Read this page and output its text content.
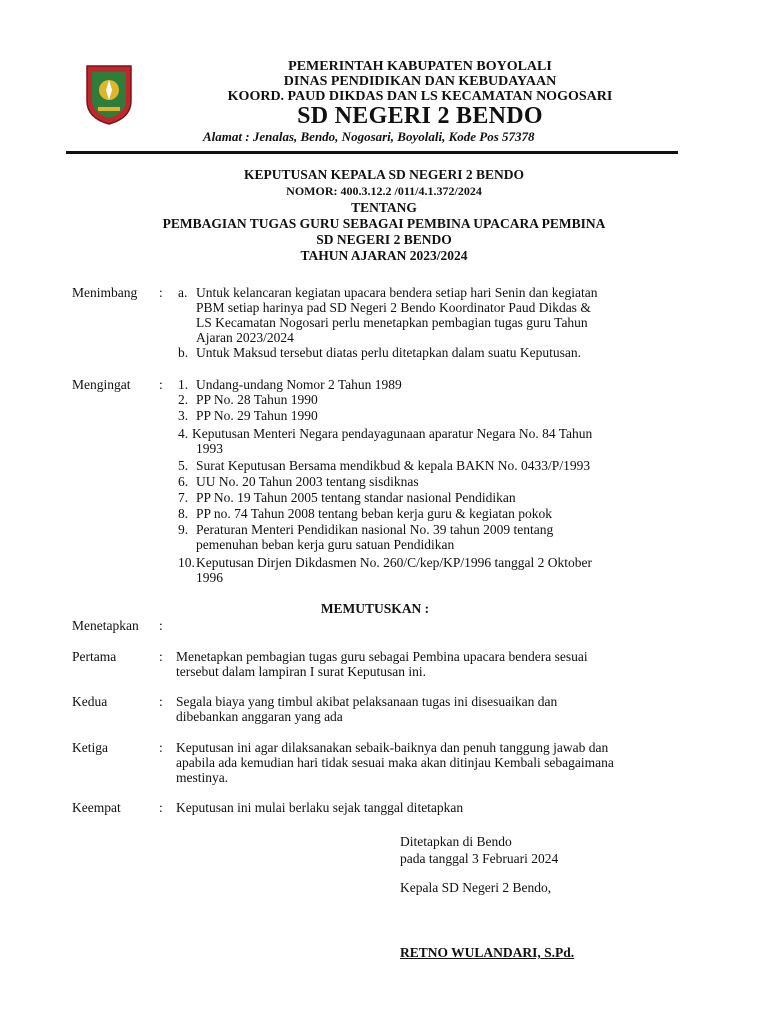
PEMERINTAH KABUPATEN BOYOLALI
DINAS PENDIDIKAN DAN KEBUDAYAAN
KOORD. PAUD DIKDAS DAN LS KECAMATAN NOGOSARI
SD NEGERI 2 BENDO
Alamat : Jenalas, Bendo, Nogosari, Boyolali, Kode Pos 57378
KEPUTUSAN KEPALA SD NEGERI 2 BENDO
NOMOR: 400.3.12.2 /011/4.1.372/2024
TENTANG
PEMBAGIAN TUGAS GURU SEBAGAI PEMBINA UPACARA PEMBINA
SD NEGERI 2 BENDO
TAHUN AJARAN 2023/2024
Menimbang : a. Untuk kelancaran kegiatan upacara bendera setiap hari Senin dan kegiatan
PBM setiap harinya pad SD Negeri 2 Bendo Koordinator Paud Dikdas &
LS Kecamatan Nogosari perlu menetapkan pembagian tugas guru Tahun
Ajaran 2023/2024
b. Untuk Maksud tersebut diatas perlu ditetapkan dalam suatu Keputusan.
Mengingat : 1. Undang-undang Nomor 2 Tahun 1989
2. PP No. 28 Tahun 1990
3. PP No. 29 Tahun 1990
4. Keputusan Menteri Negara pendayagunaan aparatur Negara No. 84 Tahun
1993
5. Surat Keputusan Bersama mendikbud & kepala BAKN No. 0433/P/1993
6. UU No. 20 Tahun 2003 tentang sisdiknas
7. PP No. 19 Tahun 2005 tentang standar nasional Pendidikan
8. PP no. 74 Tahun 2008 tentang beban kerja guru & kegiatan pokok
9. Peraturan Menteri Pendidikan nasional No. 39 tahun 2009 tentang
pemenuhan beban kerja guru satuan Pendidikan
10. Keputusan Dirjen Dikdasmen No. 260/C/kep/KP/1996 tanggal 2 Oktober
1996
MEMUTUSKAN :
Menetapkan :
Pertama	: Menetapkan pembagian tugas guru sebagai Pembina upacara bendera sesuai
tersebut dalam lampiran I surat Keputusan ini.
Kedua	: Segala biaya yang timbul akibat pelaksanaan tugas ini disesuaikan dan
dibebankan anggaran yang ada
Ketiga	: Keputusan ini agar dilaksanakan sebaik-baiknya dan penuh tanggung jawab dan
apabila ada kemudian hari tidak sesuai maka akan ditinjau Kembali sebagaimana
mestinya.
Keempat	: Keputusan ini mulai berlaku sejak tanggal ditetapkan
Ditetapkan di Bendo
pada tanggal 3 Februari 2024
Kepala SD Negeri 2 Bendo,
RETNO WULANDARI, S.Pd.
